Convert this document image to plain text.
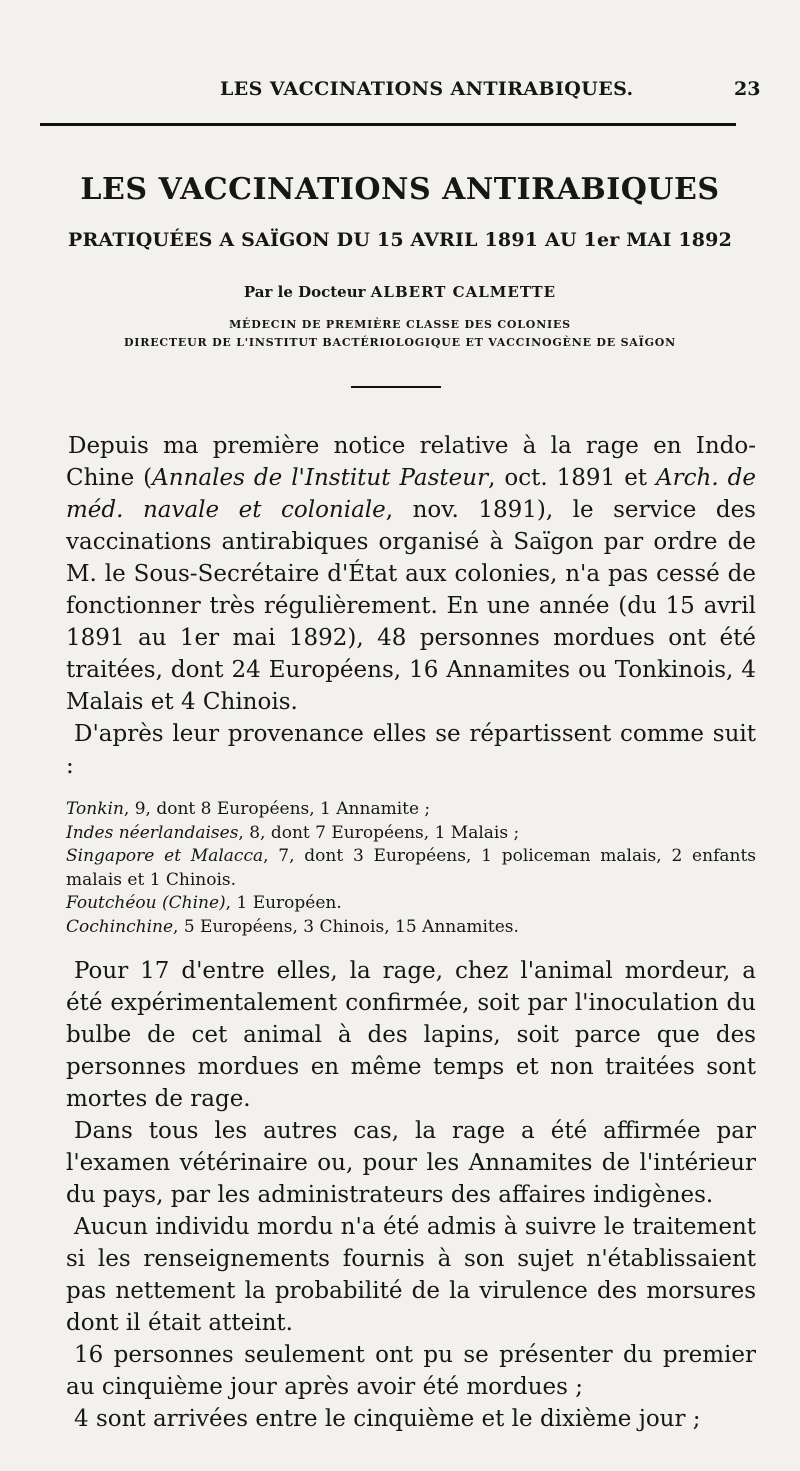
LES VACCINATIONS ANTIRABIQUES.	23
LES VACCINATIONS ANTIRABIQUES
PRATIQUÉES A SAÏGON DU 15 AVRIL 1891 AU 1er MAI 1892
Par le Docteur ALBERT CALMETTE
MÉDECIN DE PREMIÈRE CLASSE DES COLONIES
DIRECTEUR DE L'INSTITUT BACTÉRIOLOGIQUE ET VACCINOGÈNE DE SAÏGON

Depuis ma première notice relative à la rage en Indo-Chine (Annales de l'Institut Pasteur, oct. 1891 et Arch. de méd. navale et coloniale, nov. 1891), le service des vaccinations antirabiques organisé à Saïgon par ordre de M. le Sous-Secrétaire d'État aux colonies, n'a pas cessé de fonctionner très régulièrement. En une année (du 15 avril 1891 au 1er mai 1892), 48 personnes mordues ont été traitées, dont 24 Européens, 16 Annamites ou Tonkinois, 4 Malais et 4 Chinois.

D'après leur provenance elles se répartissent comme suit :

Tonkin, 9, dont 8 Européens, 1 Annamite ;

Indes néerlandaises, 8, dont 7 Européens, 1 Malais ;

Singapore et Malacca, 7, dont 3 Européens, 1 policeman malais, 2 enfants malais et 1 Chinois.

Foutchéou (Chine), 1 Européen.

Cochinchine, 5 Européens, 3 Chinois, 15 Annamites.

Pour 17 d'entre elles, la rage, chez l'animal mordeur, a été expérimentalement confirmée, soit par l'inoculation du bulbe de cet animal à des lapins, soit parce que des personnes mordues en même temps et non traitées sont mortes de rage.

Dans tous les autres cas, la rage a été affirmée par l'examen vétérinaire ou, pour les Annamites de l'intérieur du pays, par les administrateurs des affaires indigènes.

Aucun individu mordu n'a été admis à suivre le traitement si les renseignements fournis à son sujet n'établissaient pas nettement la probabilité de la virulence des morsures dont il était atteint.

16 personnes seulement ont pu se présenter du premier au cinquième jour après avoir été mordues ;

4 sont arrivées entre le cinquième et le dixième jour ;
